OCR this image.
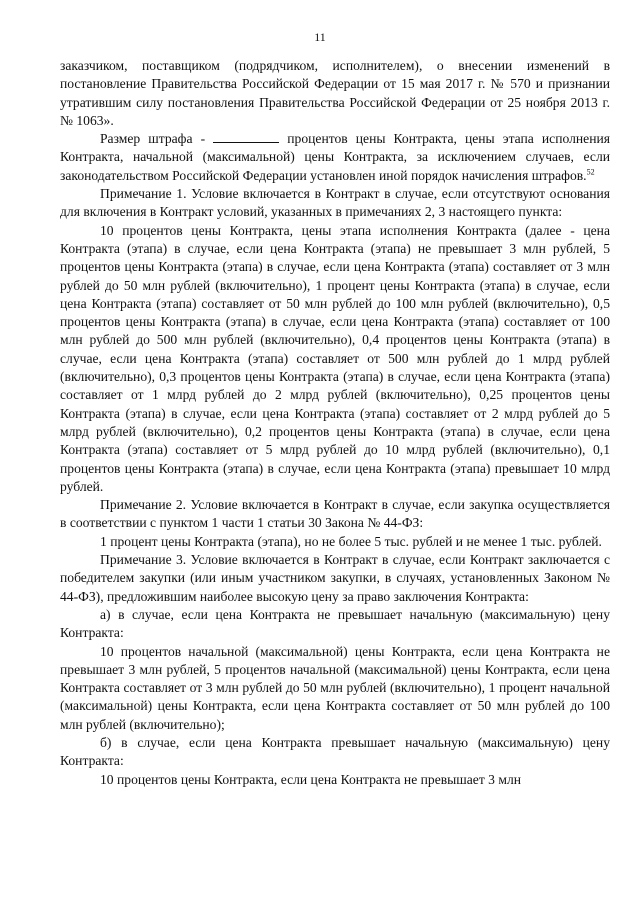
11

заказчиком, поставщиком (подрядчиком, исполнителем), о внесении изменений в постановление Правительства Российской Федерации от 15 мая 2017 г. № 570 и признании утратившим силу постановления Правительства Российской Федерации от 25 ноября 2013 г. № 1063».

Размер штрафа -	процентов цены Контракта, цены этапа исполнения Контракта, начальной (максимальной) цены Контракта, за исключением случаев, если законодательством Российской Федерации установлен иной порядок начисления штрафов.$^{52}$

Примечание 1. Условие включается в Контракт в случае, если отсутствуют основания для включения в Контракт условий, указанных в примечаниях 2, 3 настоящего пункта:

10 процентов цены Контракта, цены этапа исполнения Контракта (далее - цена Контракта (этапа) в случае, если цена Контракта (этапа) не превышает 3 млн рублей, 5 процентов цены Контракта (этапа) в случае, если цена Контракта (этапа) составляет от 3 млн рублей до 50 млн рублей (включительно), 1 процент цены Контракта (этапа) в случае, если цена Контракта (этапа) составляет от 50 млн рублей до 100 млн рублей (включительно), 0,5 процентов цены Контракта (этапа) в случае, если цена Контракта (этапа) составляет от 100 млн рублей до 500 млн рублей (включительно), 0,4 процентов цены Контракта (этапа) в случае, если цена Контракта (этапа) составляет от 500 млн рублей до 1 млрд рублей (включительно), 0,3 процентов цены Контракта (этапа) в случае, если цена Контракта (этапа) составляет от 1 млрд рублей до 2 млрд рублей (включительно), 0,25 процентов цены Контракта (этапа) в случае, если цена Контракта (этапа) составляет от 2 млрд рублей до 5 млрд рублей (включительно), 0,2 процентов цены Контракта (этапа) в случае, если цена Контракта (этапа) составляет от 5 млрд рублей до 10 млрд рублей (включительно), 0,1 процентов цены Контракта (этапа) в случае, если цена Контракта (этапа) превышает 10 млрд рублей.

Примечание 2. Условие включается в Контракт в случае, если закупка осуществляется в соответствии с пунктом 1 части 1 статьи 30 Закона № 44-ФЗ:

1 процент цены Контракта (этапа), но не более 5 тыс. рублей и не менее 1 тыс. рублей.

Примечание 3. Условие включается в Контракт в случае, если Контракт заключается с победителем закупки (или иным участником закупки, в случаях, установленных Законом № 44-ФЗ), предложившим наиболее высокую цену за право заключения Контракта:

а) в случае, если цена Контракта не превышает начальную (максимальную) цену Контракта:

10 процентов начальной (максимальной) цены Контракта, если цена Контракта не превышает 3 млн рублей, 5 процентов начальной (максимальной) цены Контракта, если цена Контракта составляет от 3 млн рублей до 50 млн рублей (включительно), 1 процент начальной (максимальной) цены Контракта, если цена Контракта составляет от 50 млн рублей до 100 млн рублей (включительно);

б) в случае, если цена Контракта превышает начальную (максимальную) цену Контракта:

10 процентов цены Контракта, если цена Контракта не превышает 3 млн
